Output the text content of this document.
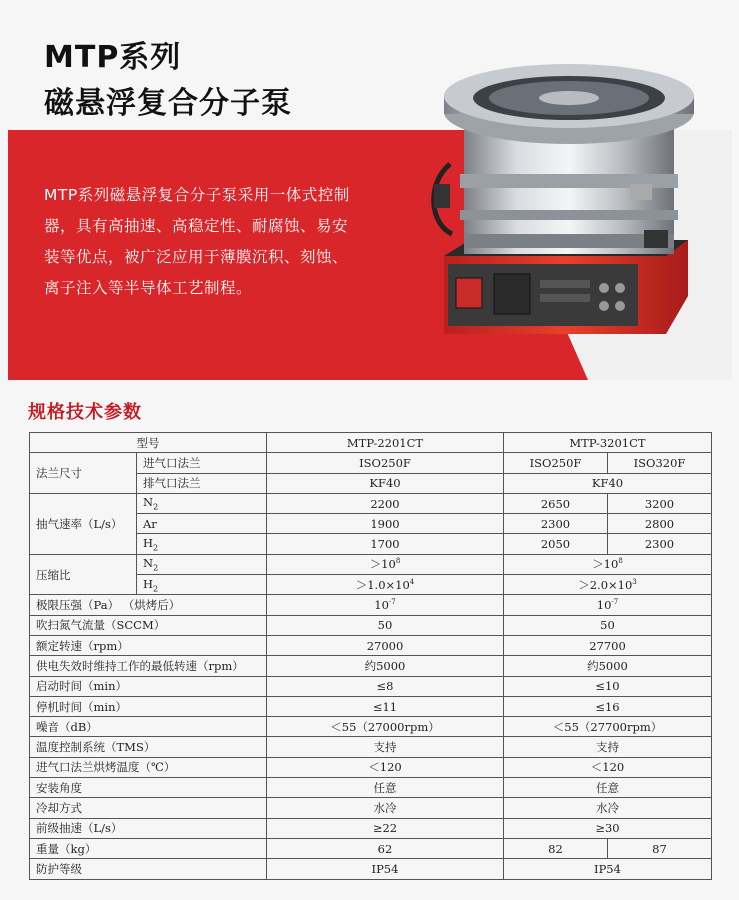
MTP系列
磁悬浮复合分子泵
MTP系列磁悬浮复合分子泵采用一体式控制
器，具有高抽速、高稳定性、耐腐蚀、易安
装等优点，被广泛应用于薄膜沉积、刻蚀、
离子注入等半导体工艺制程。
规格技术参数
型号		MTP-2201CT	MTP-3201CT	
法兰尺寸	进气口法兰	ISO250F	ISO250F	ISO320F
	排气口法兰	KF40	KF40	
抽气速率（L/s）	$N_2$	2200	2650	3200
	Ar	1900	2300	2800
	$H_2$	1700	2050	2300
压缩比	$N_2$	$>10^8$	$>10^8$
	$H_2$	$>1.0\times 10^4$	$>2.0\times 10^3$
极限压强（Pa） （烘烤后）		$10^{-7}$	$10^{-7}$
吹扫氮气流量（SCCM）		50	50	
额定转速（rpm）		27000	27700	
供电失效时维持工作的最低转速（rpm）		约5000	约5000	
启动时间（min）		≤8	≤10	
停机时间（min）		≤11	≤16	
噪音（dB）		＜55（27000rpm）	＜55（27700rpm）	
温度控制系统（TMS）		支持	支持	
进气口法兰烘烤温度（℃）		＜120	＜120	
安装角度		任意	任意	
冷却方式		水冷	水冷	
前级抽速（L/s）		≥22	≥30	
重量（kg）		62	82	87
防护等级		IP54	IP54	
